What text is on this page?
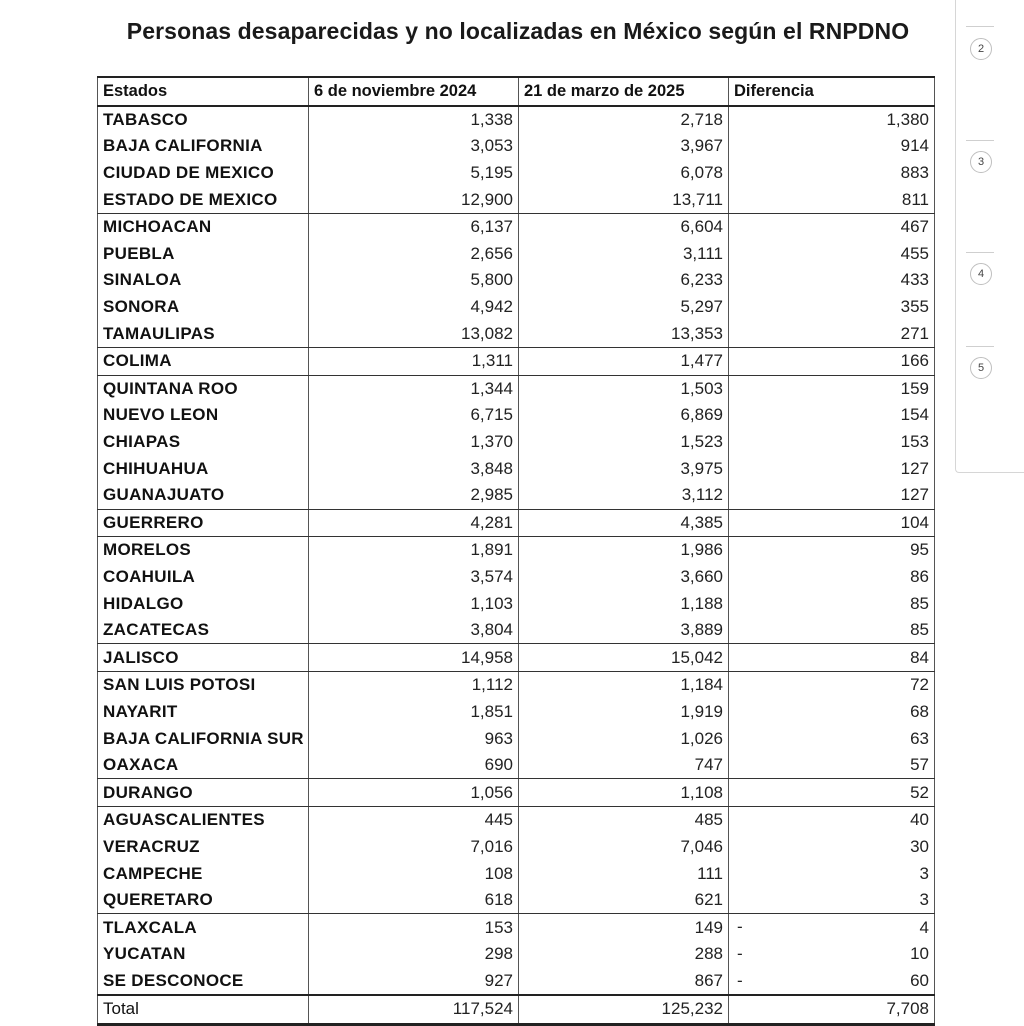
Personas desaparecidas y no localizadas en México según el RNPDNO
Estados	6 de noviembre 2024	21 de marzo de 2025	Diferencia
TABASCO	1,338	2,718	1,380
BAJA CALIFORNIA	3,053	3,967	914
CIUDAD DE MEXICO	5,195	6,078	883
ESTADO DE MEXICO	12,900	13,711	811
MICHOACAN	6,137	6,604	467
PUEBLA	2,656	3,111	455
SINALOA	5,800	6,233	433
SONORA	4,942	5,297	355
TAMAULIPAS	13,082	13,353	271
COLIMA	1,311	1,477	166
QUINTANA ROO	1,344	1,503	159
NUEVO LEON	6,715	6,869	154
CHIAPAS	1,370	1,523	153
CHIHUAHUA	3,848	3,975	127
GUANAJUATO	2,985	3,112	127
GUERRERO	4,281	4,385	104
MORELOS	1,891	1,986	95
COAHUILA	3,574	3,660	86
HIDALGO	1,103	1,188	85
ZACATECAS	3,804	3,889	85
JALISCO	14,958	15,042	84
SAN LUIS POTOSI	1,112	1,184	72
NAYARIT	1,851	1,919	68
BAJA CALIFORNIA SUR	963	1,026	63
OAXACA	690	747	57
DURANGO	1,056	1,108	52
AGUASCALIENTES	445	485	40
VERACRUZ	7,016	7,046	30
CAMPECHE	108	111	3
QUERETARO	618	621	3
TLAXCALA	153	149	- 4
YUCATAN	298	288	- 10
SE DESCONOCE	927	867	- 60
Total	117,524	125,232	7,708
2
3
4
5
